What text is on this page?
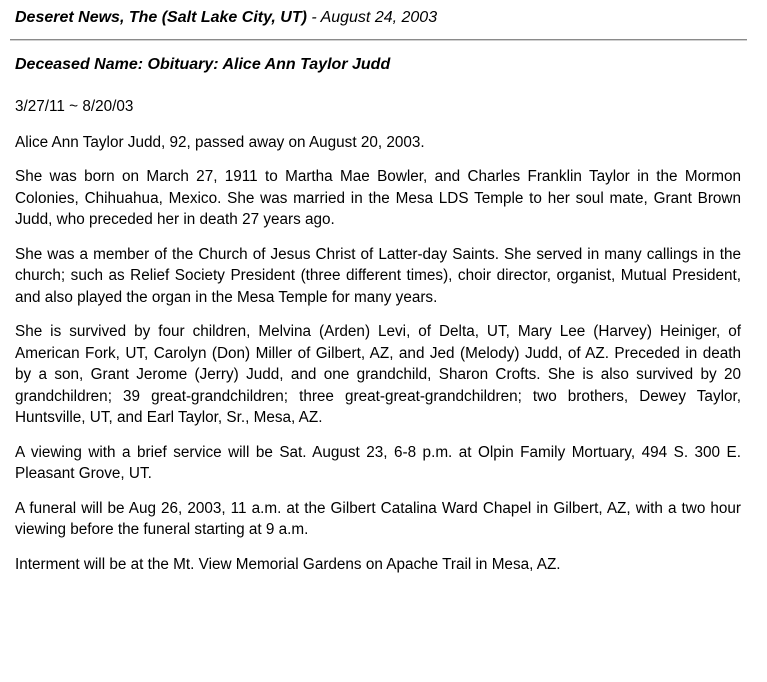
Deseret News, The (Salt Lake City, UT) - August 24, 2003
Deceased Name: Obituary: Alice Ann Taylor Judd

3/27/11 ~ 8/20/03

Alice Ann Taylor Judd, 92, passed away on August 20, 2003.

She was born on March 27, 1911 to Martha Mae Bowler, and Charles Franklin Taylor in the Mormon Colonies, Chihuahua, Mexico. She was married in the Mesa LDS Temple to her soul mate, Grant Brown Judd, who preceded her in death 27 years ago.

She was a member of the Church of Jesus Christ of Latter-day Saints. She served in many callings in the church; such as Relief Society President (three different times), choir director, organist, Mutual President, and also played the organ in the Mesa Temple for many years.

She is survived by four children, Melvina (Arden) Levi, of Delta, UT, Mary Lee (Harvey) Heiniger, of American Fork, UT, Carolyn (Don) Miller of Gilbert, AZ, and Jed (Melody) Judd, of AZ. Preceded in death by a son, Grant Jerome (Jerry) Judd, and one grandchild, Sharon Crofts. She is also survived by 20 grandchildren; 39 great-grandchildren; three great-great-grandchildren; two brothers, Dewey Taylor, Huntsville, UT, and Earl Taylor, Sr., Mesa, AZ.

A viewing with a brief service will be Sat. August 23, 6-8 p.m. at Olpin Family Mortuary, 494 S. 300 E. Pleasant Grove, UT.

A funeral will be Aug 26, 2003, 11 a.m. at the Gilbert Catalina Ward Chapel in Gilbert, AZ, with a two hour viewing before the funeral starting at 9 a.m.

Interment will be at the Mt. View Memorial Gardens on Apache Trail in Mesa, AZ.
